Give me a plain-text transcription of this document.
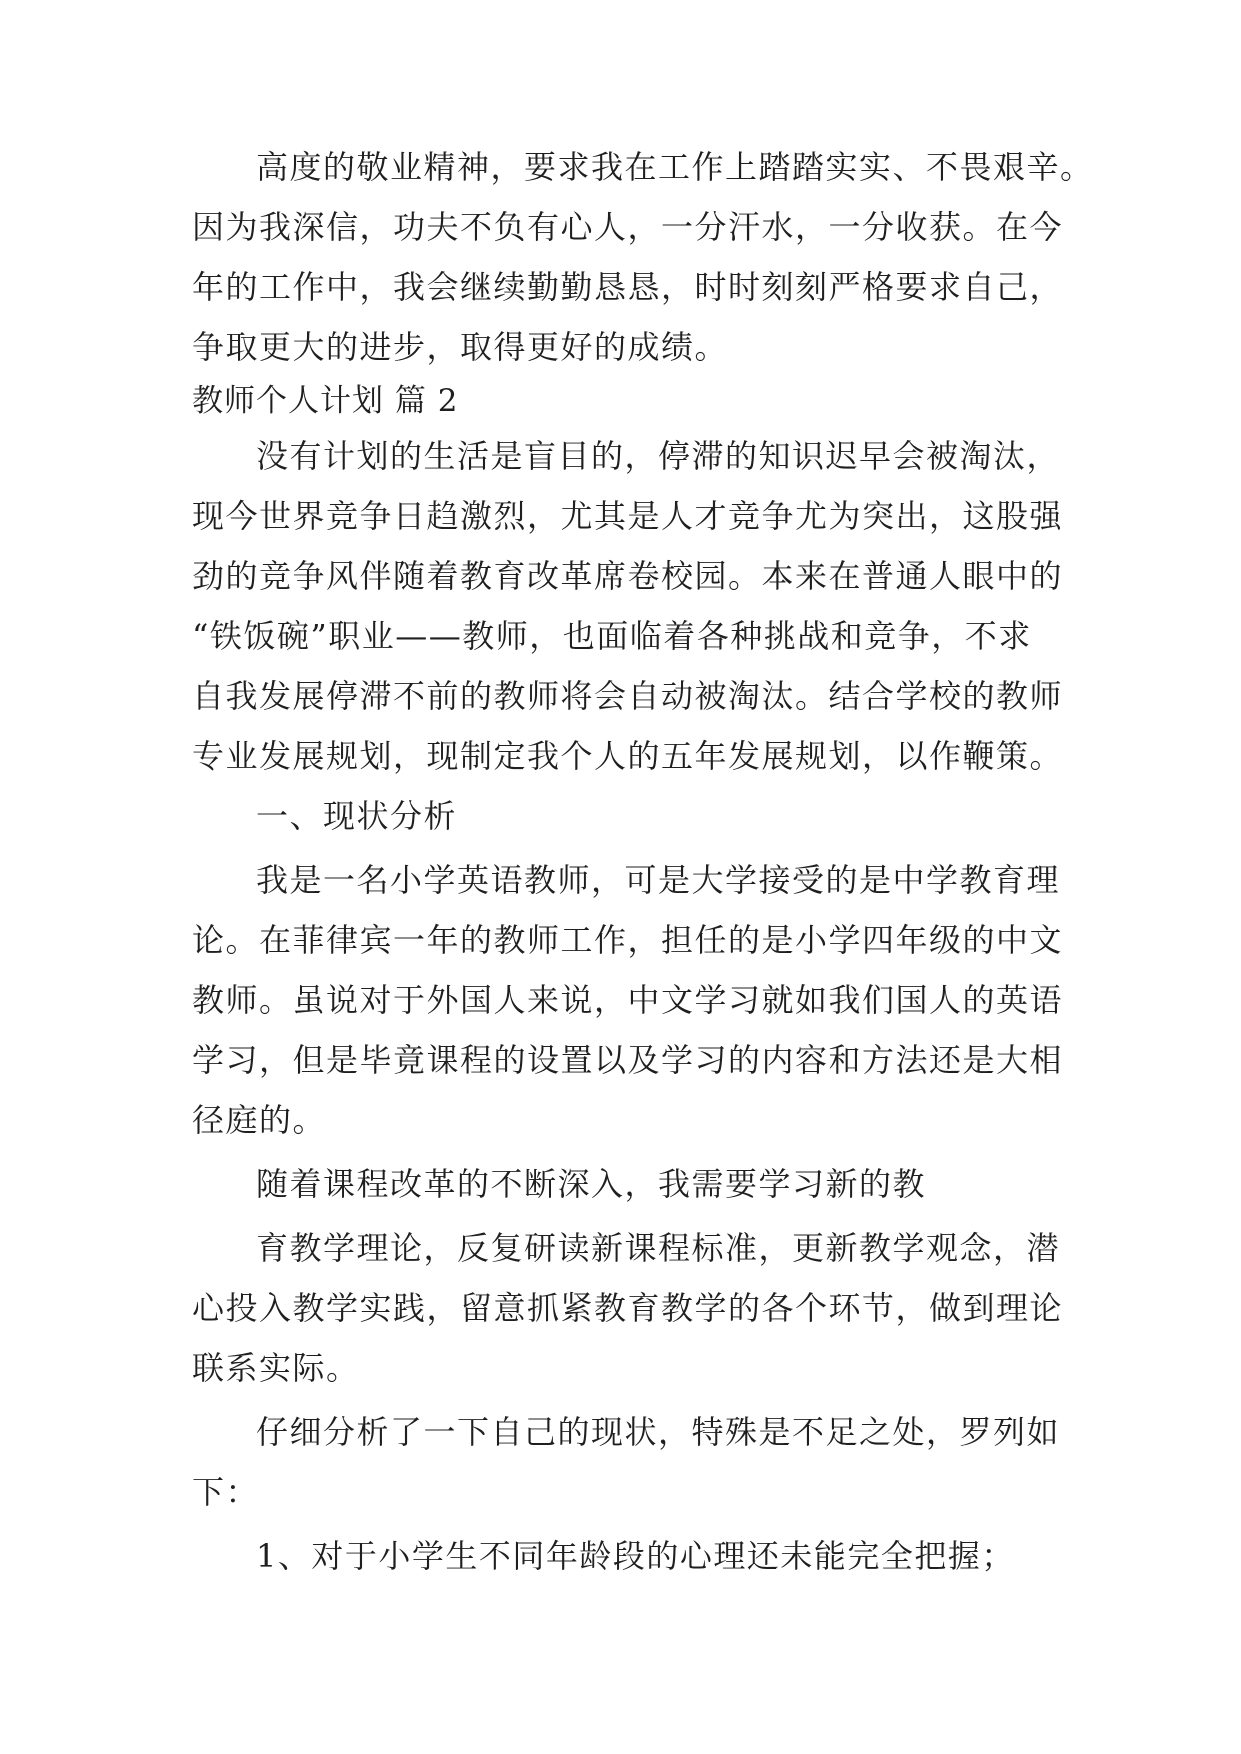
高度的敬业精神，要求我在工作上踏踏实实、不畏艰辛。
因为我深信，功夫不负有心人，一分汗水，一分收获。在今
年的工作中，我会继续勤勤恳恳，时时刻刻严格要求自己，
争取更大的进步，取得更好的成绩。
教师个人计划 篇 2
没有计划的生活是盲目的，停滞的知识迟早会被淘汰，
现今世界竞争日趋激烈，尤其是人才竞争尤为突出，这股强
劲的竞争风伴随着教育改革席卷校园。本来在普通人眼中的
“铁饭碗”职业——教师，也面临着各种挑战和竞争，不求
自我发展停滞不前的教师将会自动被淘汰。结合学校的教师
专业发展规划，现制定我个人的五年发展规划，以作鞭策。
一、现状分析
我是一名小学英语教师，可是大学接受的是中学教育理
论。在菲律宾一年的教师工作，担任的是小学四年级的中文
教师。虽说对于外国人来说，中文学习就如我们国人的英语
学习，但是毕竟课程的设置以及学习的内容和方法还是大相
径庭的。
随着课程改革的不断深入，我需要学习新的教
育教学理论，反复研读新课程标准，更新教学观念，潜
心投入教学实践，留意抓紧教育教学的各个环节，做到理论
联系实际。
仔细分析了一下自己的现状，特殊是不足之处，罗列如
下：
1、对于小学生不同年龄段的心理还未能完全把握；
